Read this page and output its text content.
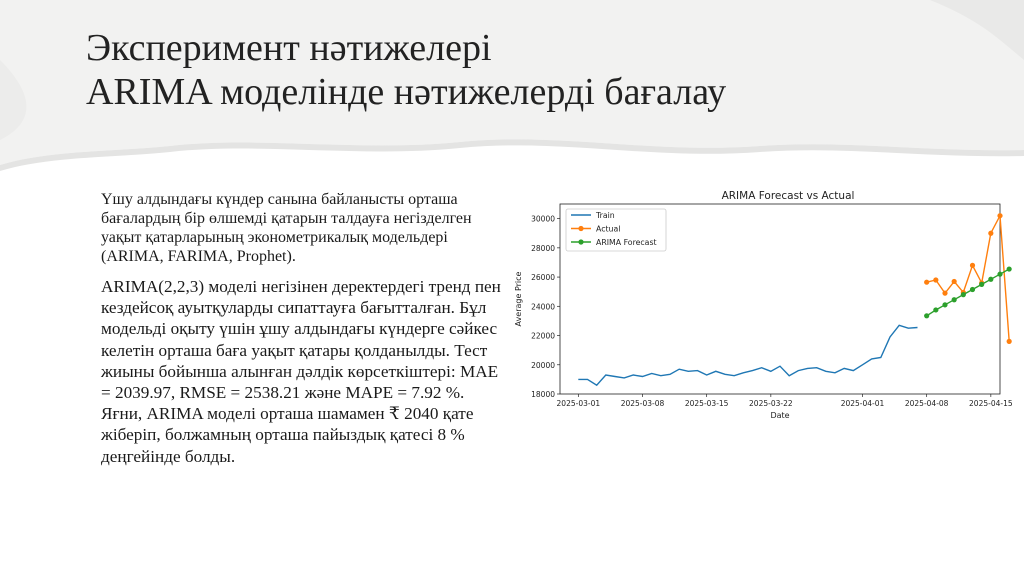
Эксперимент нәтижелері
ARIMA моделінде нәтижелерді бағалау

Үшу алдындағы күндер санына байланысты орташа бағалардың бір өлшемді қатарын талдауға негізделген уақыт қатарларының эконометрикалық модельдері (ARIMA, FARIMA, Prophet).

ARIMA(2,2,3) моделі негізінен деректердегі тренд пен кездейсоқ ауытқуларды сипаттауға бағытталған. Бұл модельді оқыту үшін ұшу алдындағы күндерге сәйкес келетін орташа баға уақыт қатары қолданылды. Тест жиыны бойынша алынған дәлдік көрсеткіштері: MAE = 2039.97, RMSE = 2538.21 және MAPE = 7.92 %. Яғни, ARIMA моделі орташа шамамен ₹ 2040 қате жіберіп, болжамның орташа пайыздық қатесі 8 % деңгейінде болды.

ARIMA Forecast vs Actual
Average Price
Date
18000
20000
22000
24000
26000
28000
30000
2025-03-01	2025-03-08	2025-03-15	2025-03-22	2025-04-01	2025-04-08	2025-04-15
Train
Actual
ARIMA Forecast
